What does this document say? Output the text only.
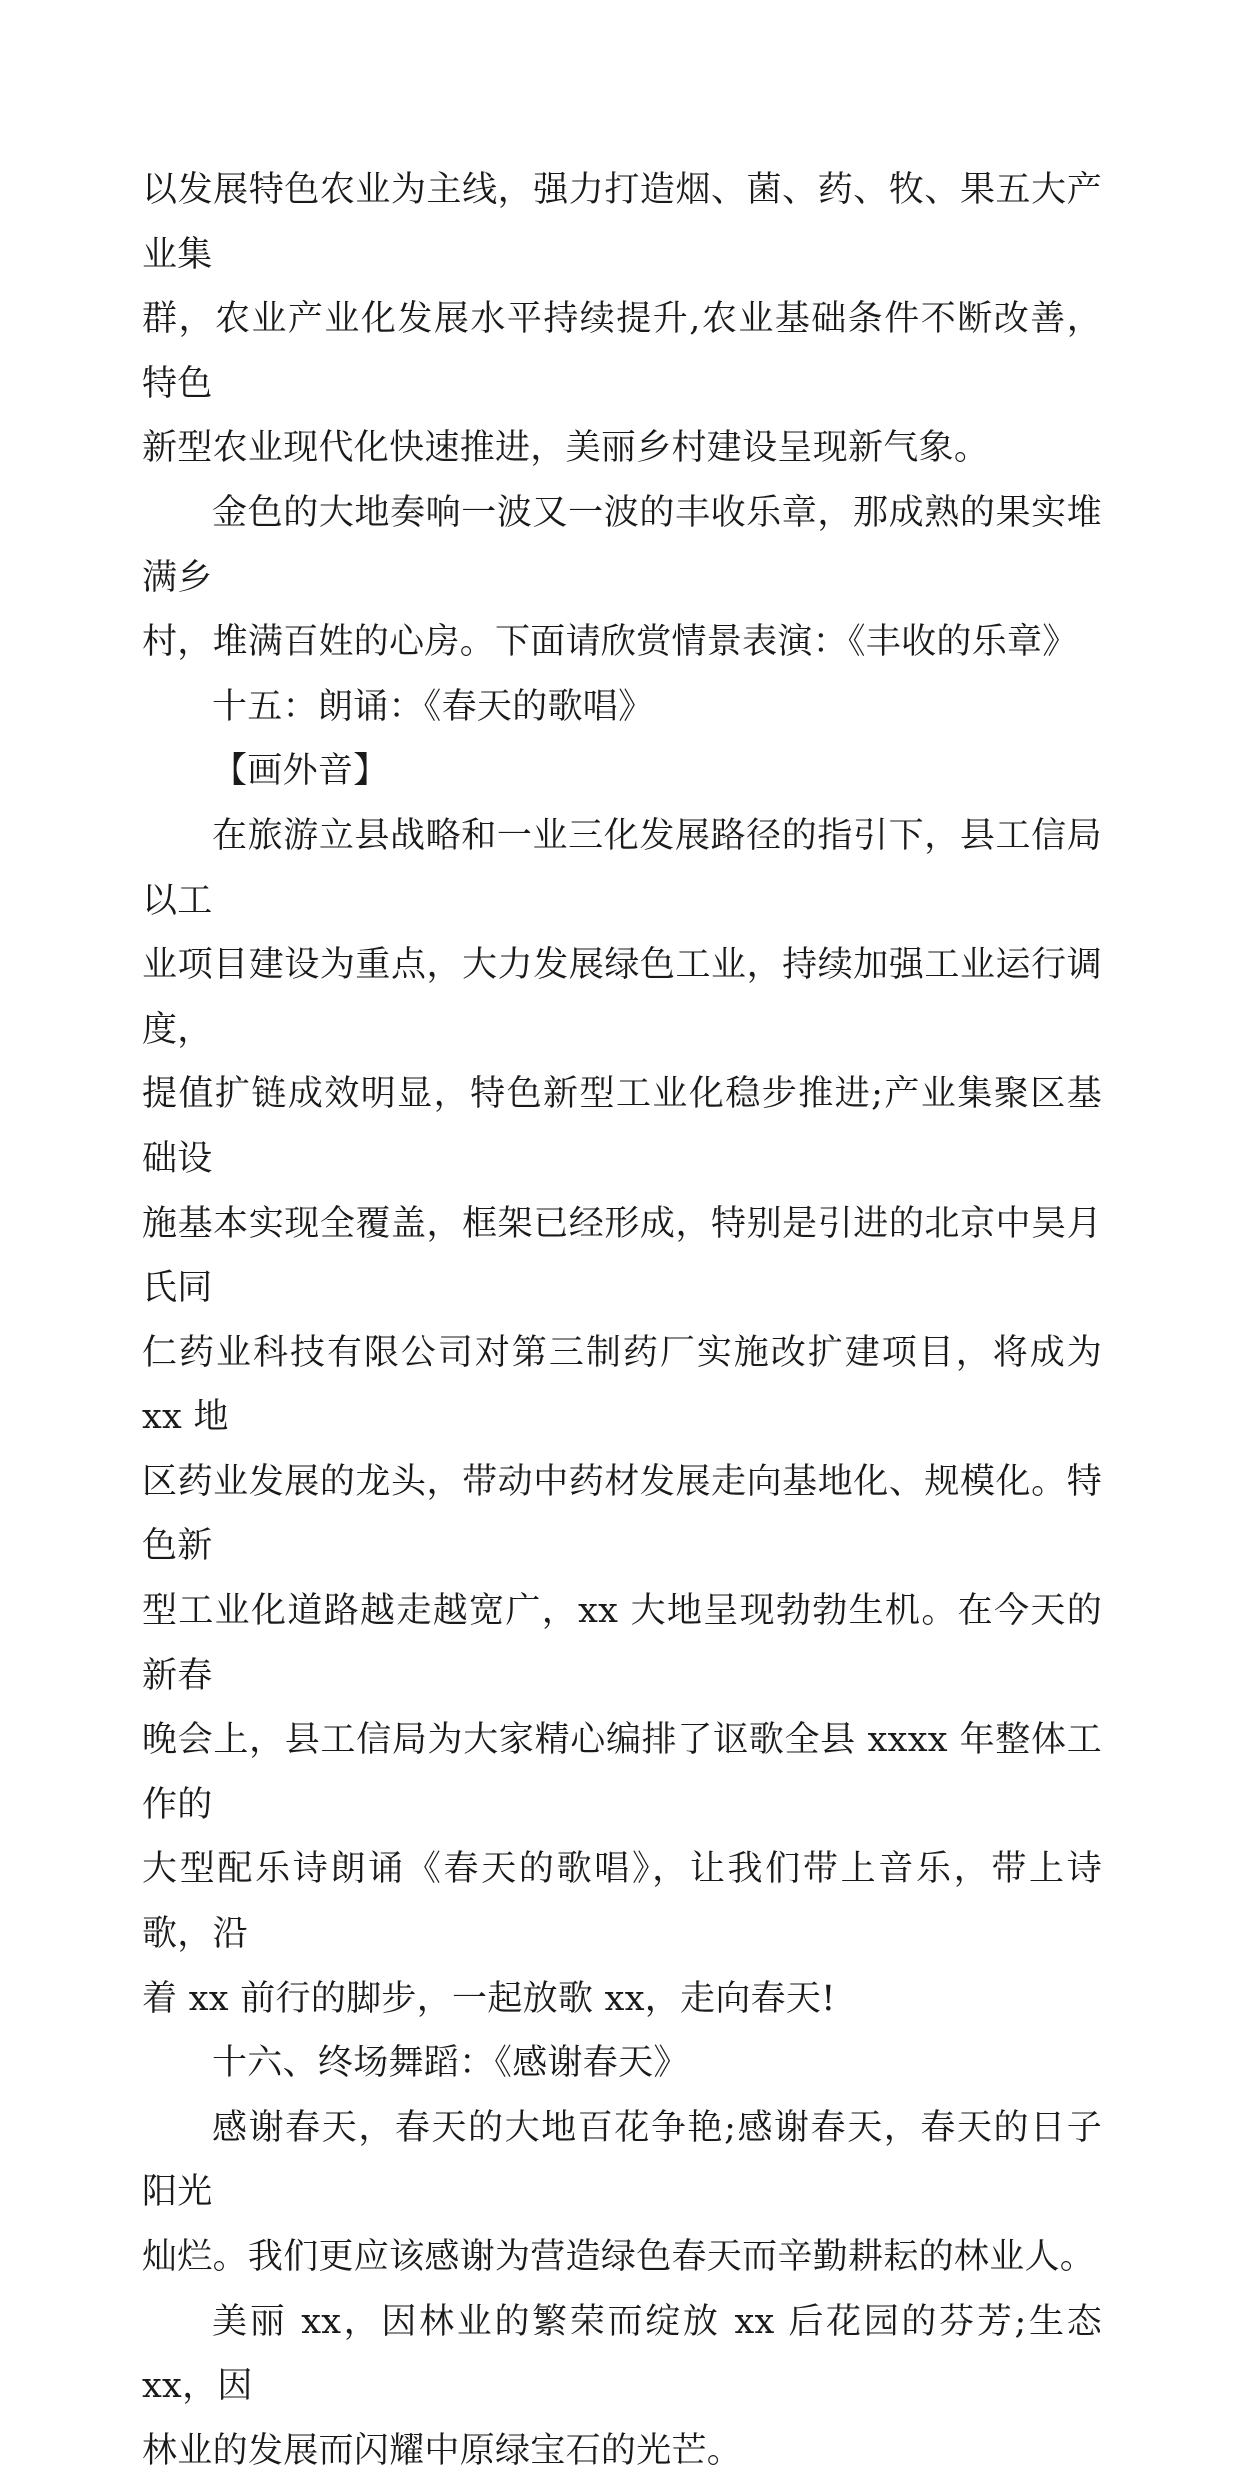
以发展特色农业为主线，强力打造烟、菌、药、牧、果五大产业集

群，农业产业化发展水平持续提升,农业基础条件不断改善，特色

新型农业现代化快速推进，美丽乡村建设呈现新气象。

金色的大地奏响一波又一波的丰收乐章，那成熟的果实堆满乡

村，堆满百姓的心房。下面请欣赏情景表演：《丰收的乐章》

十五：朗诵：《春天的歌唱》

【画外音】

在旅游立县战略和一业三化发展路径的指引下，县工信局以工

业项目建设为重点，大力发展绿色工业，持续加强工业运行调度，

提值扩链成效明显，特色新型工业化稳步推进;产业集聚区基础设

施基本实现全覆盖，框架已经形成，特别是引进的北京中昊月氏同

仁药业科技有限公司对第三制药厂实施改扩建项目，将成为 xx 地

区药业发展的龙头，带动中药材发展走向基地化、规模化。特色新

型工业化道路越走越宽广，xx 大地呈现勃勃生机。在今天的新春

晚会上，县工信局为大家精心编排了讴歌全县 xxxx 年整体工作的

大型配乐诗朗诵《春天的歌唱》，让我们带上音乐，带上诗歌，沿

着 xx 前行的脚步，一起放歌 xx，走向春天!

十六、终场舞蹈：《感谢春天》

感谢春天，春天的大地百花争艳;感谢春天，春天的日子阳光

灿烂。我们更应该感谢为营造绿色春天而辛勤耕耘的林业人。

美丽 xx，因林业的繁荣而绽放 xx 后花园的芬芳;生态 xx，因

林业的发展而闪耀中原绿宝石的光芒。
